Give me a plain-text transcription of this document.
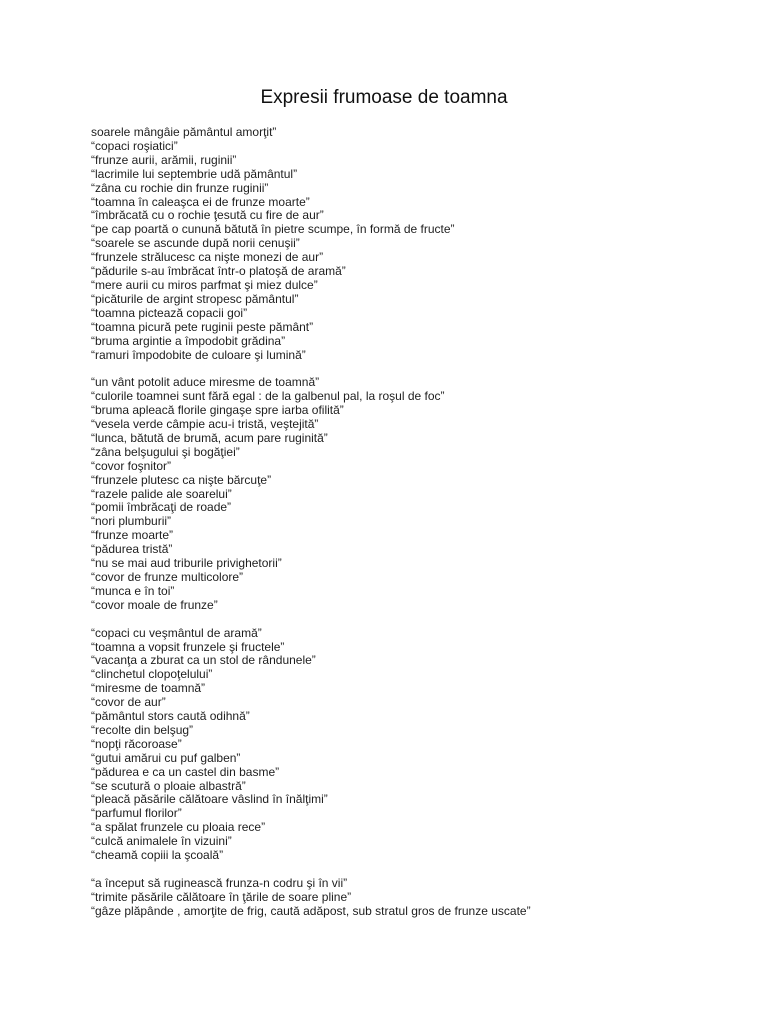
Expresii frumoase de toamna
soarele mângâie pământul amorţit”
“copaci roşiatici”
“frunze aurii, arămii, ruginii”
“lacrimile lui septembrie udă pământul”
“zâna cu rochie din frunze ruginii”
“toamna în caleaşca ei de frunze moarte”
“îmbrăcată cu o rochie ţesută cu fire de aur”
“pe cap poartă o cunună bătută în pietre scumpe, în formă de fructe”
“soarele se ascunde după norii cenuşii”
“frunzele strălucesc ca nişte monezi de aur”
“pădurile s-au îmbrăcat într-o platoşă de aramă”
“mere aurii cu miros parfmat şi miez dulce”
“picăturile de argint stropesc pământul”
“toamna pictează copacii goi”
“toamna picură pete ruginii peste pământ”
“bruma argintie a împodobit grădina”
“ramuri împodobite de culoare şi lumină”
“un vânt potolit aduce miresme de toamnă”
“culorile toamnei sunt fără egal : de la galbenul pal, la roşul de foc”
“bruma apleacă florile gingaşe spre iarba ofilită”
“vesela verde câmpie acu-i tristă, veştejită”
“lunca, bătută de brumă, acum pare ruginită”
“zâna belşugului şi bogăţiei”
“covor foşnitor”
“frunzele plutesc ca nişte bărcuţe”
“razele palide ale soarelui”
“pomii îmbrăcaţi de roade”
“nori plumburii”
“frunze moarte”
“pădurea tristă”
“nu se mai aud triburile privighetorii”
“covor de frunze multicolore”
“munca e în toi”
“covor moale de frunze”
“copaci cu veşmântul de aramă”
“toamna a vopsit frunzele şi fructele”
“vacanţa a zburat ca un stol de rândunele”
“clinchetul clopoţelului”
“miresme de toamnă”
“covor de aur”
“pământul stors caută odihnă”
“recolte din belşug”
“nopţi răcoroase”
“gutui amărui cu puf galben”
“pădurea e ca un castel din basme”
“se scutură o ploaie albastră”
“pleacă păsările călătoare vâslind în înălţimi”
“parfumul florilor”
“a spălat frunzele cu ploaia rece”
“culcă animalele în vizuini”
“cheamă copiii la şcoală”
“a început să ruginească frunza-n codru şi în vii”
“trimite păsările călătoare în ţările de soare pline”
“gâze plăpânde , amorţite de frig, caută adăpost, sub stratul gros de frunze uscate”
